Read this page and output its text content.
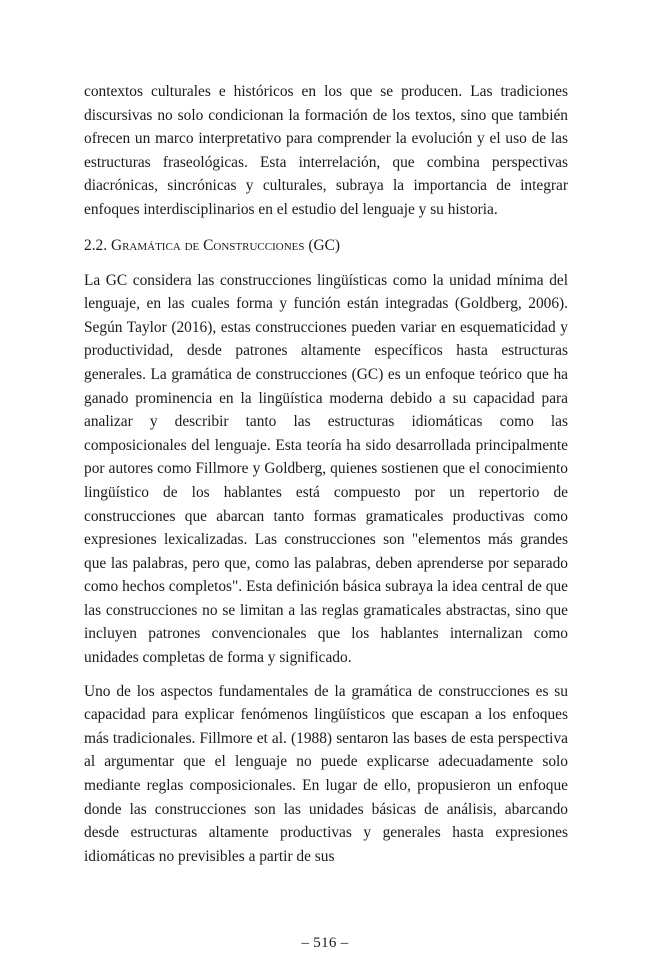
contextos culturales e históricos en los que se producen. Las tradiciones discursivas no solo condicionan la formación de los textos, sino que también ofrecen un marco interpretativo para comprender la evolución y el uso de las estructuras fraseológicas. Esta interrelación, que combina perspectivas diacrónicas, sincrónicas y culturales, subraya la importancia de integrar enfoques interdisciplinarios en el estudio del lenguaje y su historia.

2.2. Gramática de Construcciones (GC)

La GC considera las construcciones lingüísticas como la unidad mínima del lenguaje, en las cuales forma y función están integradas (Goldberg, 2006). Según Taylor (2016), estas construcciones pueden variar en esquematicidad y productividad, desde patrones altamente específicos hasta estructuras generales. La gramática de construcciones (GC) es un enfoque teórico que ha ganado prominencia en la lingüística moderna debido a su capacidad para analizar y describir tanto las estructuras idiomáticas como las composicionales del lenguaje. Esta teoría ha sido desarrollada principalmente por autores como Fillmore y Goldberg, quienes sostienen que el conocimiento lingüístico de los hablantes está compuesto por un repertorio de construcciones que abarcan tanto formas gramaticales productivas como expresiones lexicalizadas. Las construcciones son "elementos más grandes que las palabras, pero que, como las palabras, deben aprenderse por separado como hechos completos". Esta definición básica subraya la idea central de que las construcciones no se limitan a las reglas gramaticales abstractas, sino que incluyen patrones convencionales que los hablantes internalizan como unidades completas de forma y significado.

Uno de los aspectos fundamentales de la gramática de construcciones es su capacidad para explicar fenómenos lingüísticos que escapan a los enfoques más tradicionales. Fillmore et al. (1988) sentaron las bases de esta perspectiva al argumentar que el lenguaje no puede explicarse adecuadamente solo mediante reglas composicionales. En lugar de ello, propusieron un enfoque donde las construcciones son las unidades básicas de análisis, abarcando desde estructuras altamente productivas y generales hasta expresiones idiomáticas no previsibles a partir de sus

– 516 –
